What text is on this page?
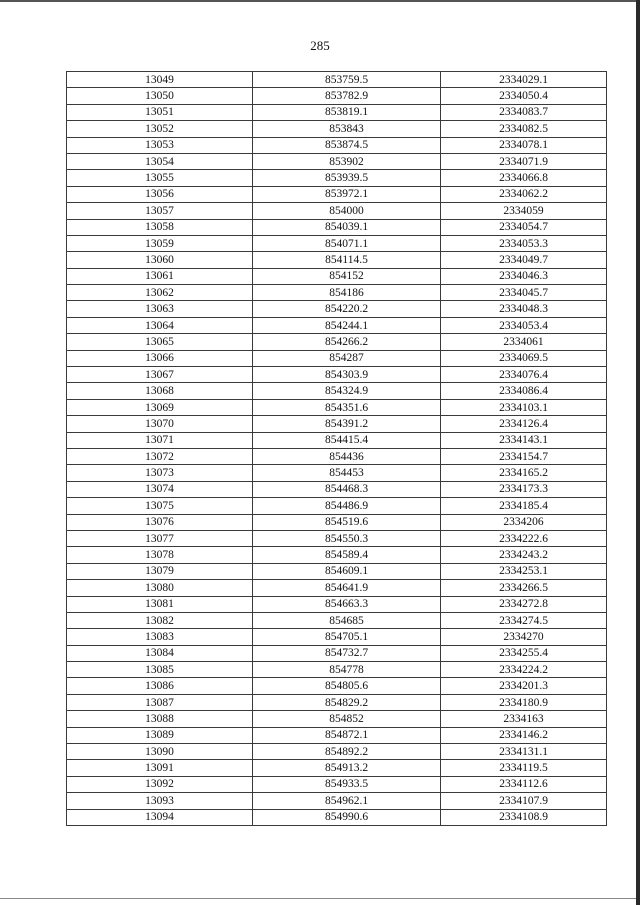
285
13049	853759.5	2334029.1
13050	853782.9	2334050.4
13051	853819.1	2334083.7
13052	853843	2334082.5
13053	853874.5	2334078.1
13054	853902	2334071.9
13055	853939.5	2334066.8
13056	853972.1	2334062.2
13057	854000	2334059
13058	854039.1	2334054.7
13059	854071.1	2334053.3
13060	854114.5	2334049.7
13061	854152	2334046.3
13062	854186	2334045.7
13063	854220.2	2334048.3
13064	854244.1	2334053.4
13065	854266.2	2334061
13066	854287	2334069.5
13067	854303.9	2334076.4
13068	854324.9	2334086.4
13069	854351.6	2334103.1
13070	854391.2	2334126.4
13071	854415.4	2334143.1
13072	854436	2334154.7
13073	854453	2334165.2
13074	854468.3	2334173.3
13075	854486.9	2334185.4
13076	854519.6	2334206
13077	854550.3	2334222.6
13078	854589.4	2334243.2
13079	854609.1	2334253.1
13080	854641.9	2334266.5
13081	854663.3	2334272.8
13082	854685	2334274.5
13083	854705.1	2334270
13084	854732.7	2334255.4
13085	854778	2334224.2
13086	854805.6	2334201.3
13087	854829.2	2334180.9
13088	854852	2334163
13089	854872.1	2334146.2
13090	854892.2	2334131.1
13091	854913.2	2334119.5
13092	854933.5	2334112.6
13093	854962.1	2334107.9
13094	854990.6	2334108.9
